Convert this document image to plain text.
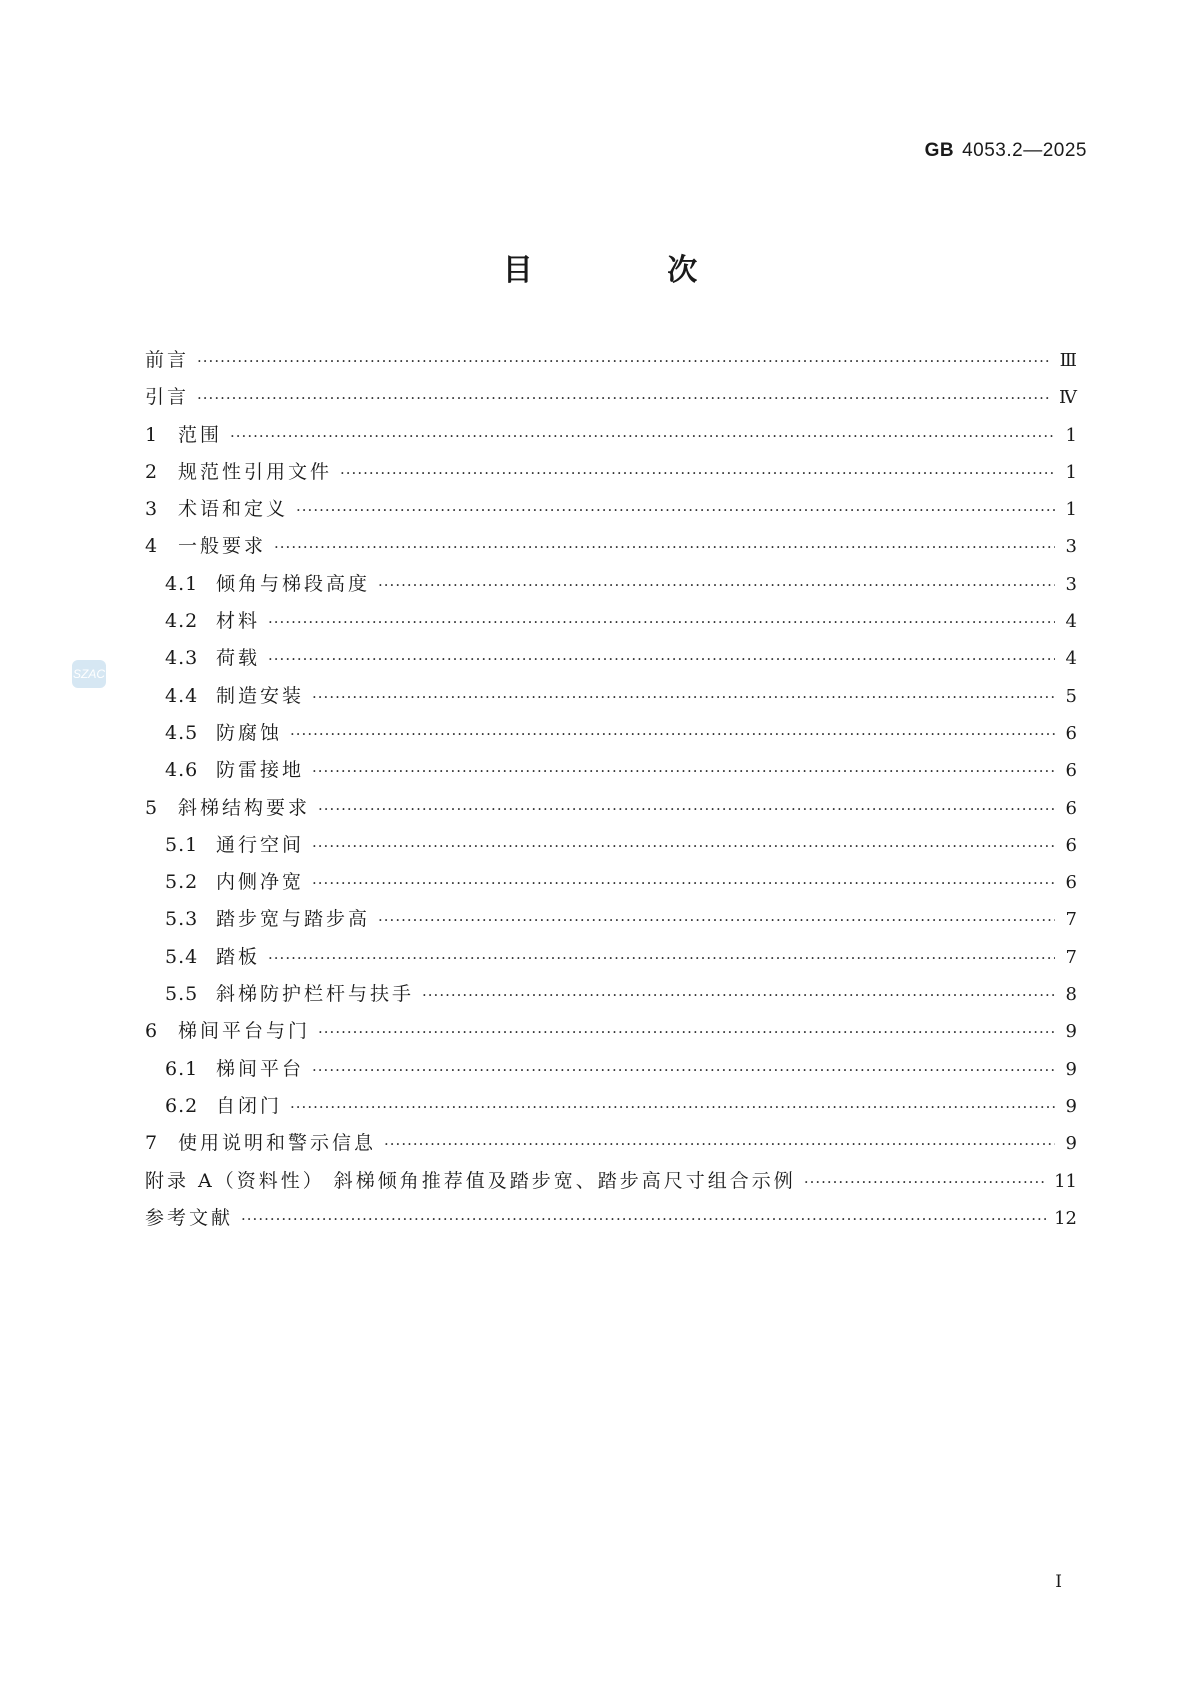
GB 4053.2—2025
目 次
SZAC
前言 ·····	Ⅲ
引言 ·····	Ⅳ
1	范围 ·····	1
2	规范性引用文件 ·····	1
3	术语和定义 ·····	1
4	一般要求 ·····	3
4.1 倾角与梯段高度 ·····	3
4.2 材料 ·····	4
4.3 荷载 ·····	4
4.4 制造安装 ·····	5
4.5 防腐蚀 ·····	6
4.6 防雷接地 ·····	6
5	斜梯结构要求 ·····	6
5.1 通行空间 ·····	6
5.2 内侧净宽 ·····	6
5.3 踏步宽与踏步高 ·····	7
5.4 踏板 ·····	7
5.5 斜梯防护栏杆与扶手 ·····	8
6	梯间平台与门 ·····	9
6.1 梯间平台 ·····	9
6.2 自闭门 ·····	9
7	使用说明和警示信息 ·····	9
附录 A（资料性） 斜梯倾角推荐值及踏步宽、踏步高尺寸组合示例 ·····	11
参考文献 ·····	12
I
